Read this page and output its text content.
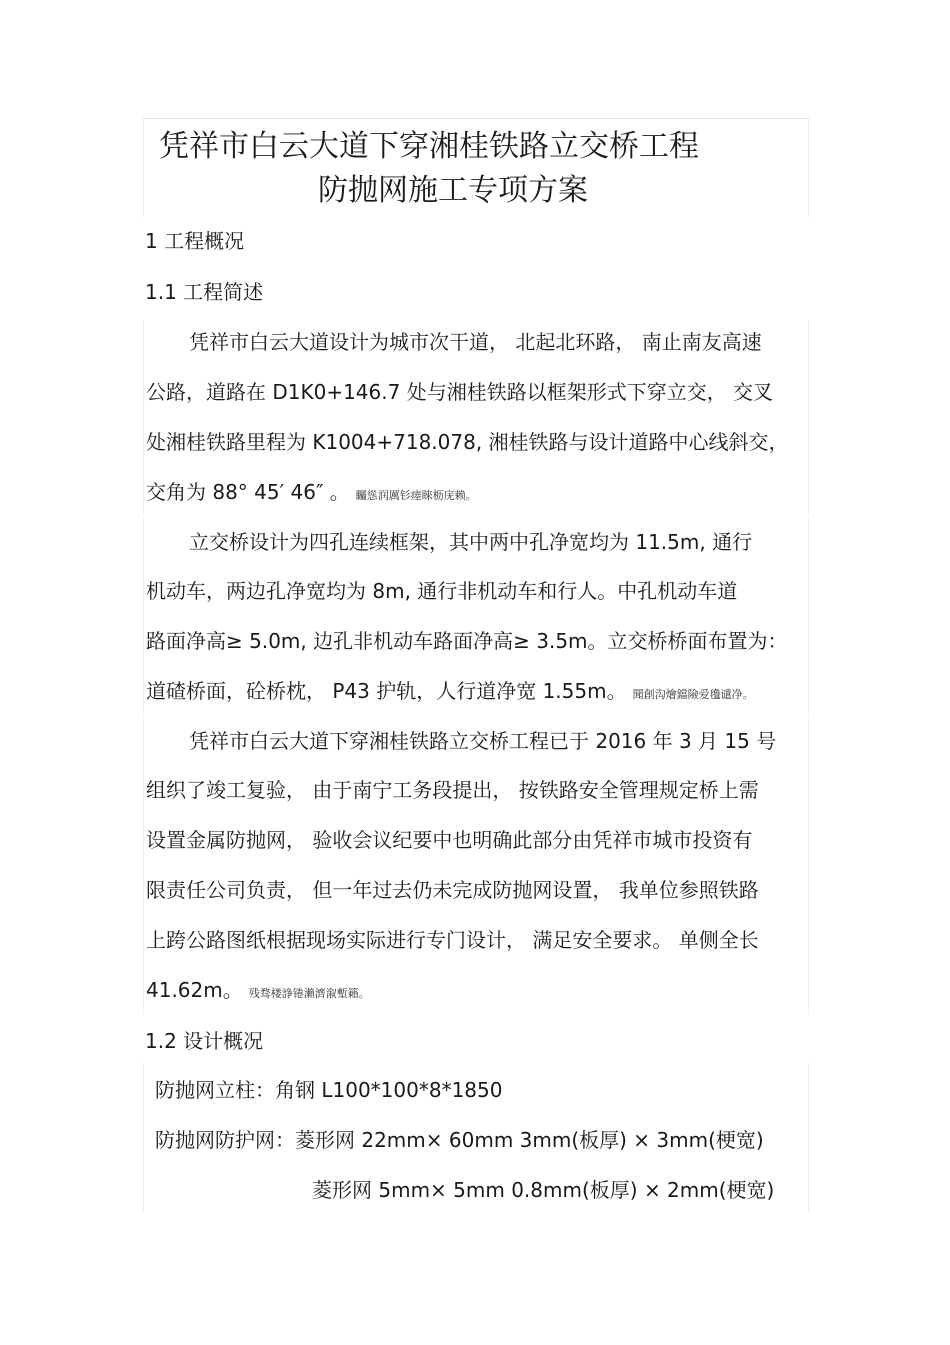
凭祥市白云大道下穿湘桂铁路立交桥工程
防抛网施工专项方案
1 工程概况
1.1 工程简述
凭祥市白云大道设计为城市次干道， 北起北环路， 南止南友高速
公路，道路在 D1K0+146.7 处与湘桂铁路以框架形式下穿立交， 交叉
处湘桂铁路里程为 K1004+718.078, 湘桂铁路与设计道路中心线斜交，
交角为 88° 45′ 46″ 。 矚慫润厲钐瘗睞枥庑赖。
立交桥设计为四孔连续框架，其中两中孔净宽均为 11.5m, 通行
机动车，两边孔净宽均为 8m, 通行非机动车和行人。中孔机动车道
路面净高≥ 5.0m, 边孔非机动车路面净高≥ 3.5m。立交桥桥面布置为：
道碴桥面，砼桥枕， P43 护轨，人行道净宽 1.55m。 聞創沟燴鐺險爱氇谴净。
凭祥市白云大道下穿湘桂铁路立交桥工程已于 2016 年 3 月 15 号
组织了竣工复验， 由于南宁工务段提出， 按铁路安全管理规定桥上需
设置金属防抛网， 验收会议纪要中也明确此部分由凭祥市城市投资有
限责任公司负责， 但一年过去仍未完成防抛网设置， 我单位参照铁路
上跨公路图纸根据现场实际进行专门设计， 满足安全要求。 单侧全长
41.62m。 残骛楼諍锩瀨濟溆塹籟。
1.2 设计概况
防抛网立柱：角钢 L100*100*8*1850
防抛网防护网：菱形网 22mm× 60mm 3mm(板厚) × 3mm(梗宽)
菱形网 5mm× 5mm 0.8mm(板厚) × 2mm(梗宽)
